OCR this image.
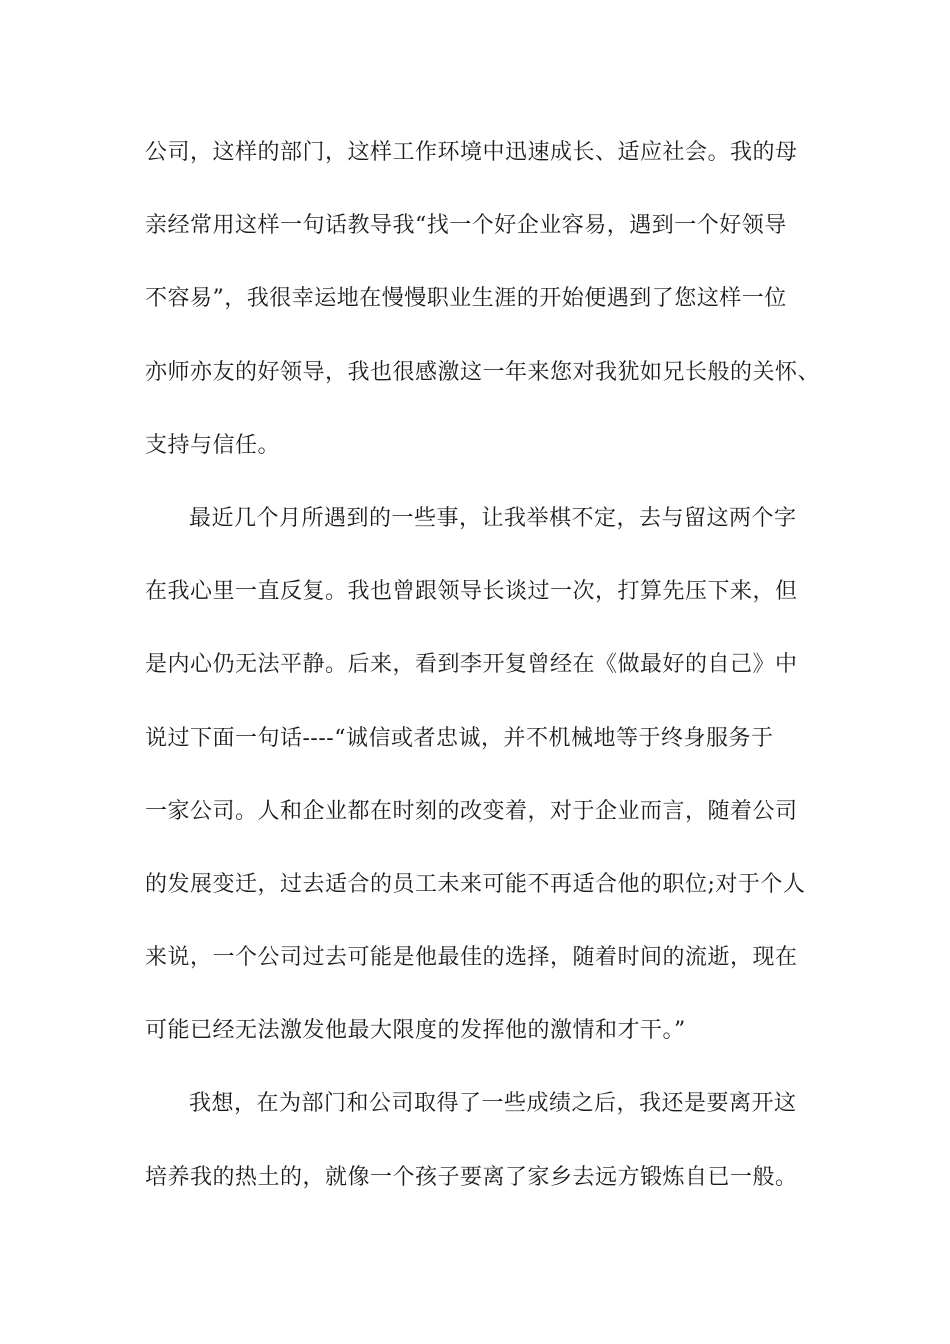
公司，这样的部门，这样工作环境中迅速成长、适应社会。我的母
亲经常用这样一句话教导我“找一个好企业容易，遇到一个好领导
不容易”，我很幸运地在慢慢职业生涯的开始便遇到了您这样一位
亦师亦友的好领导，我也很感激这一年来您对我犹如兄长般的关怀、
支持与信任。
最近几个月所遇到的一些事，让我举棋不定，去与留这两个字
在我心里一直反复。我也曾跟领导长谈过一次，打算先压下来，但
是内心仍无法平静。后来，看到李开复曾经在《做最好的自己》中
说过下面一句话----“诚信或者忠诚，并不机械地等于终身服务于
一家公司。人和企业都在时刻的改变着，对于企业而言，随着公司
的发展变迁，过去适合的员工未来可能不再适合他的职位;对于个人
来说，一个公司过去可能是他最佳的选择，随着时间的流逝，现在
可能已经无法激发他最大限度的发挥他的激情和才干。”
我想，在为部门和公司取得了一些成绩之后，我还是要离开这
培养我的热土的，就像一个孩子要离了家乡去远方锻炼自已一般。
